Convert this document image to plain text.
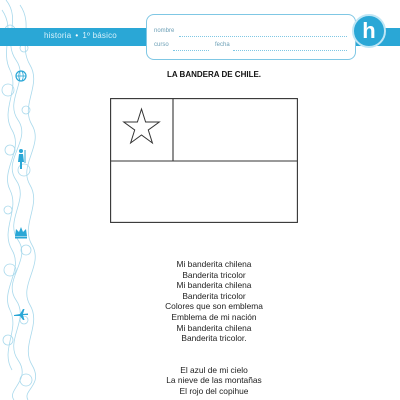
historia • 1º básico	nombre
curso	fecha
h
LA BANDERA DE CHILE.
Mi banderita chilena
Banderita tricolor
Mi banderita chilena
Banderita tricolor
Colores que son emblema
Emblema de mi nación
Mi banderita chilena
Banderita tricolor.
El azul de mi cielo
La nieve de las montañas
El rojo del copihue
